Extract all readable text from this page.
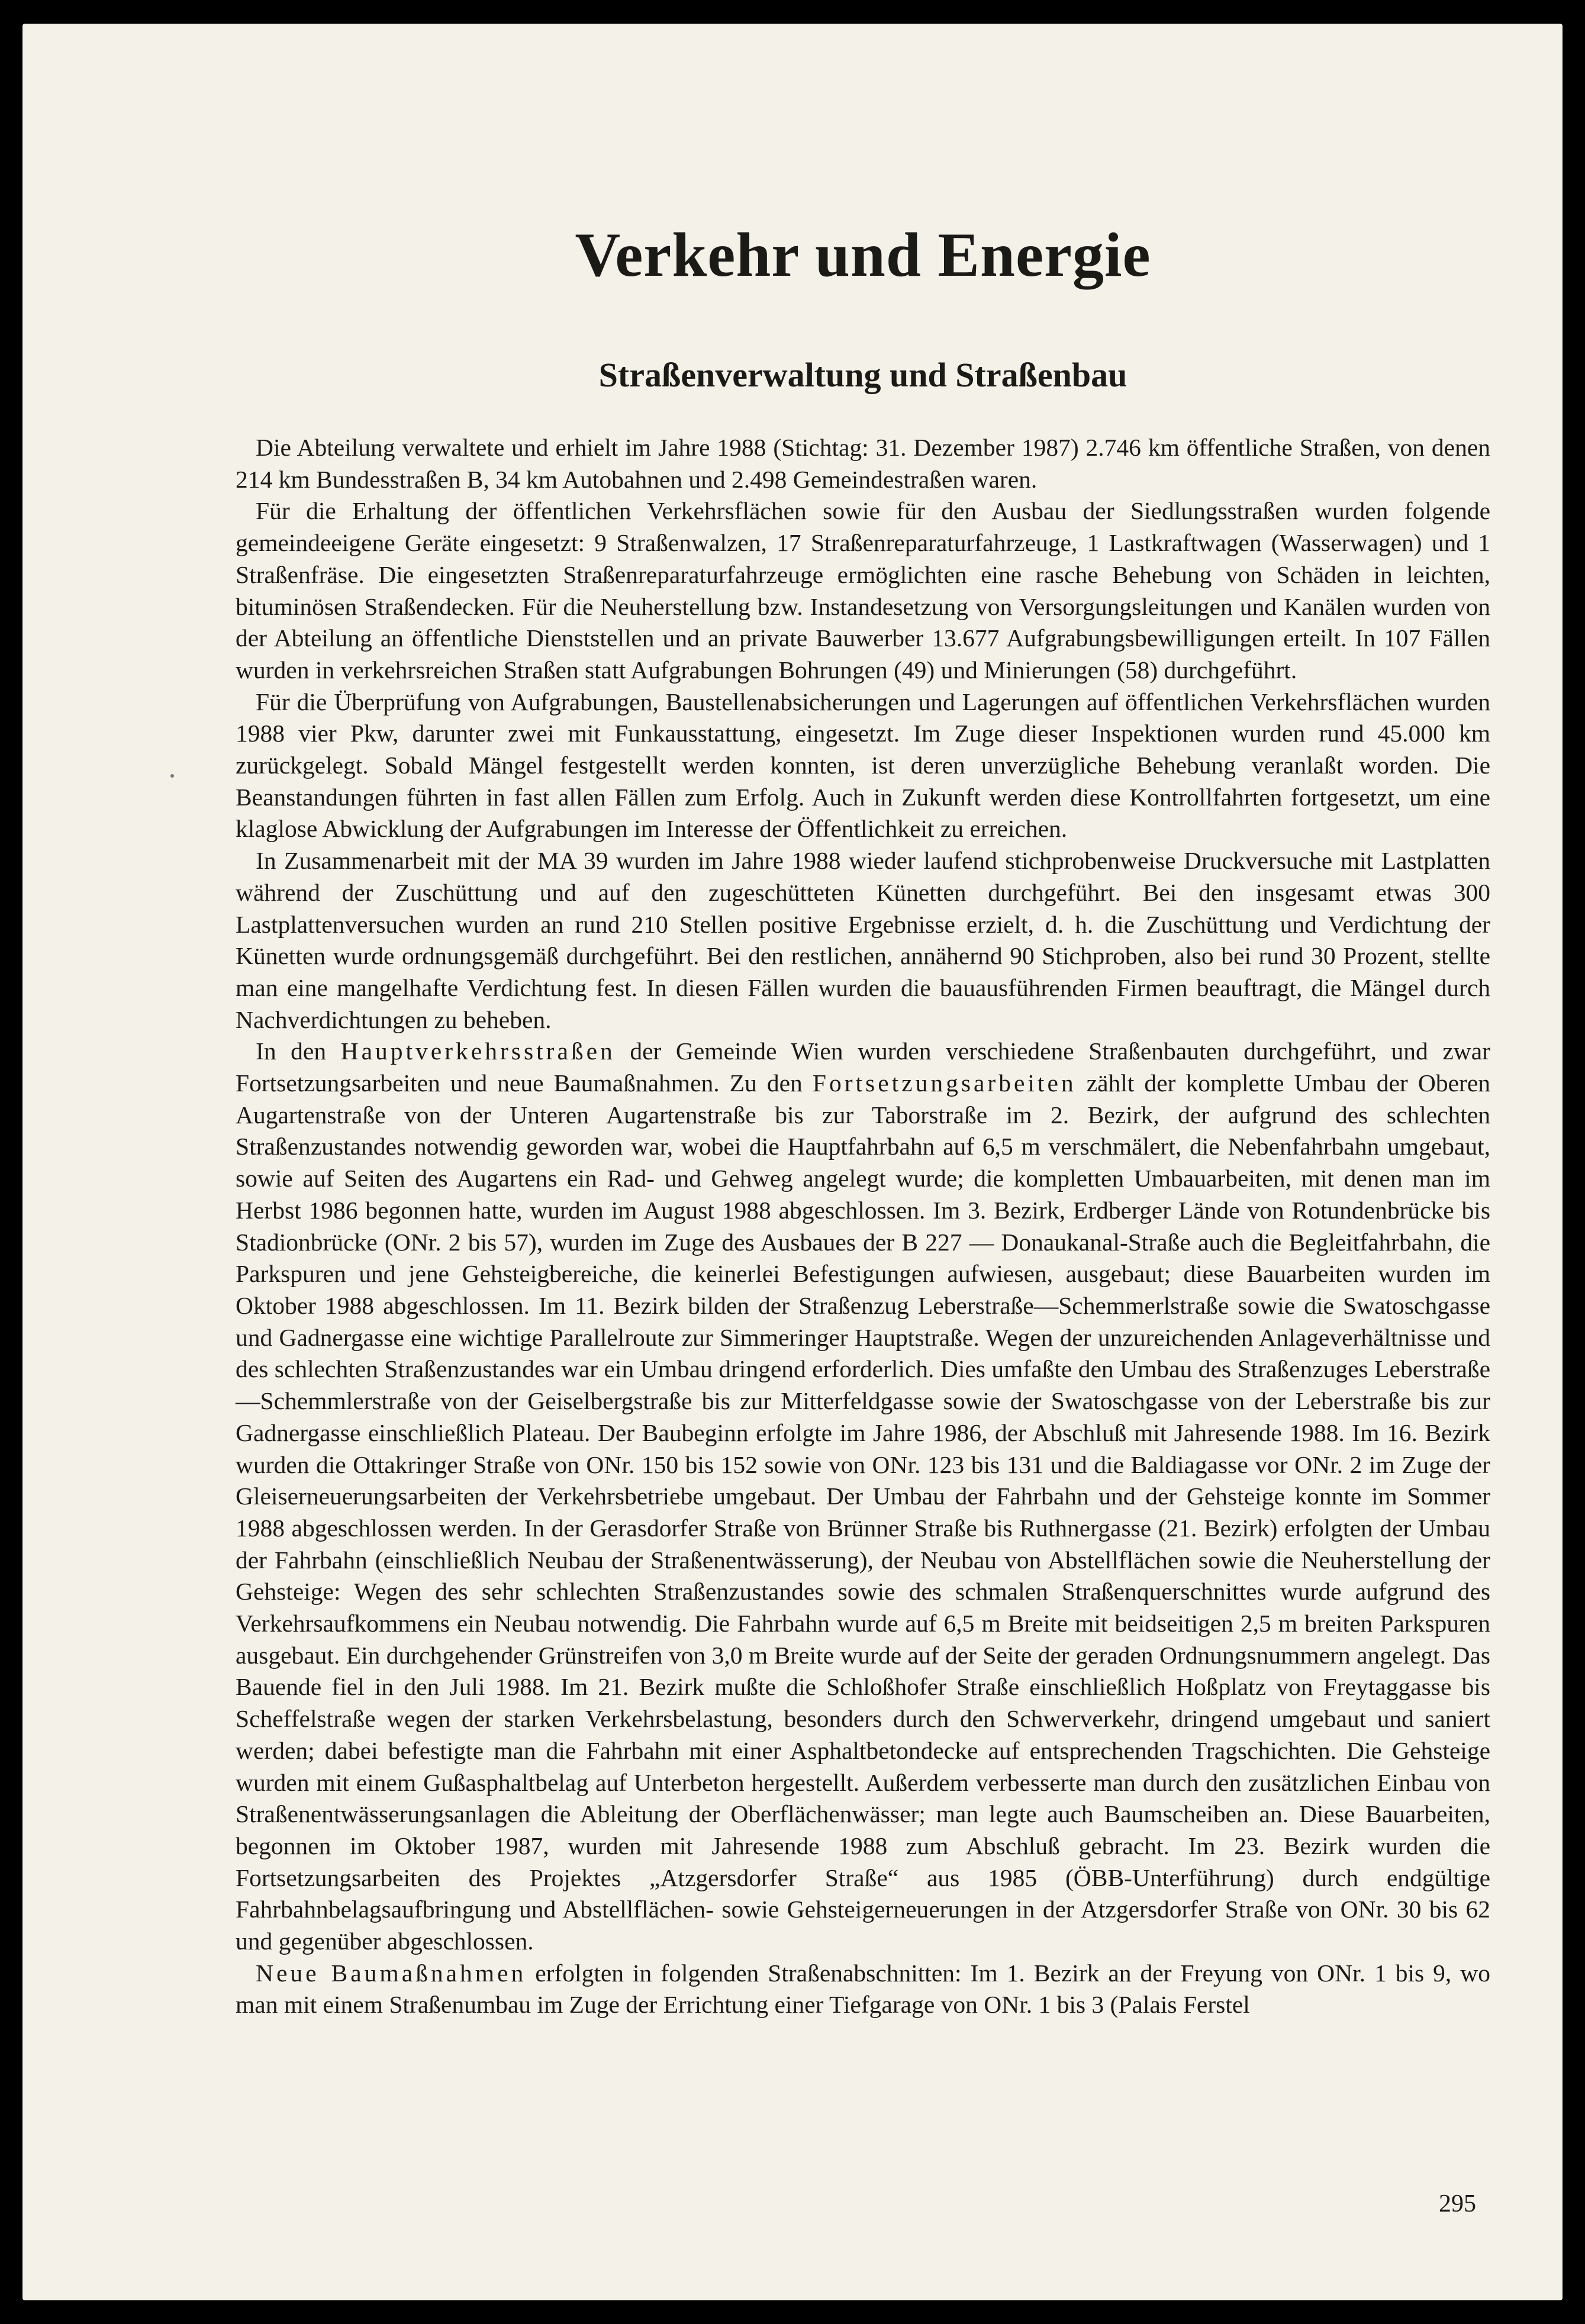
Verkehr und Energie
Straßenverwaltung und Straßenbau

Die Abteilung verwaltete und erhielt im Jahre 1988 (Stichtag: 31. Dezember 1987) 2.746 km öffentliche Straßen, von denen 214 km Bundesstraßen B, 34 km Autobahnen und 2.498 Gemeindestraßen waren.

Für die Erhaltung der öffentlichen Verkehrsflächen sowie für den Ausbau der Siedlungsstraßen wurden folgende gemeindeeigene Geräte eingesetzt: 9 Straßenwalzen, 17 Straßenreparaturfahrzeuge, 1 Lastkraftwagen (Wasserwagen) und 1 Straßenfräse. Die eingesetzten Straßenreparaturfahrzeuge ermöglichten eine rasche Behebung von Schäden in leichten, bituminösen Straßendecken. Für die Neuherstellung bzw. Instandesetzung von Versorgungsleitungen und Kanälen wurden von der Abteilung an öffentliche Dienststellen und an private Bauwerber 13.677 Aufgrabungsbewilligungen erteilt. In 107 Fällen wurden in verkehrsreichen Straßen statt Aufgrabungen Bohrungen (49) und Minierungen (58) durchgeführt.

Für die Überprüfung von Aufgrabungen, Baustellenabsicherungen und Lagerungen auf öffentlichen Verkehrsflächen wurden 1988 vier Pkw, darunter zwei mit Funkausstattung, eingesetzt. Im Zuge dieser Inspektionen wurden rund 45.000 km zurückgelegt. Sobald Mängel festgestellt werden konnten, ist deren unverzügliche Behebung veranlaßt worden. Die Beanstandungen führten in fast allen Fällen zum Erfolg. Auch in Zukunft werden diese Kontrollfahrten fortgesetzt, um eine klaglose Abwicklung der Aufgrabungen im Interesse der Öffentlichkeit zu erreichen.

In Zusammenarbeit mit der MA 39 wurden im Jahre 1988 wieder laufend stichprobenweise Druckversuche mit Lastplatten während der Zuschüttung und auf den zugeschütteten Künetten durchgeführt. Bei den insgesamt etwas 300 Lastplattenversuchen wurden an rund 210 Stellen positive Ergebnisse erzielt, d. h. die Zuschüttung und Verdichtung der Künetten wurde ordnungsgemäß durchgeführt. Bei den restlichen, annähernd 90 Stichproben, also bei rund 30 Prozent, stellte man eine mangelhafte Verdichtung fest. In diesen Fällen wurden die bauausführenden Firmen beauftragt, die Mängel durch Nachverdichtungen zu beheben.

In den Hauptverkehrsstraßen der Gemeinde Wien wurden verschiedene Straßenbauten durchgeführt, und zwar Fortsetzungsarbeiten und neue Baumaßnahmen. Zu den Fortsetzungsarbeiten zählt der komplette Umbau der Oberen Augartenstraße von der Unteren Augartenstraße bis zur Taborstraße im 2. Bezirk, der aufgrund des schlechten Straßenzustandes notwendig geworden war, wobei die Hauptfahrbahn auf 6,5 m verschmälert, die Nebenfahrbahn umgebaut, sowie auf Seiten des Augartens ein Rad- und Gehweg angelegt wurde; die kompletten Umbauarbeiten, mit denen man im Herbst 1986 begonnen hatte, wurden im August 1988 abgeschlossen. Im 3. Bezirk, Erdberger Lände von Rotundenbrücke bis Stadionbrücke (ONr. 2 bis 57), wurden im Zuge des Ausbaues der B 227 — Donaukanal-Straße auch die Begleitfahrbahn, die Parkspuren und jene Gehsteigbereiche, die keinerlei Befestigungen aufwiesen, ausgebaut; diese Bauarbeiten wurden im Oktober 1988 abgeschlossen. Im 11. Bezirk bilden der Straßenzug Leberstraße—Schemmerlstraße sowie die Swatoschgasse und Gadnergasse eine wichtige Parallelroute zur Simmeringer Hauptstraße. Wegen der unzureichenden Anlageverhältnisse und des schlechten Straßenzustandes war ein Umbau dringend erforderlich. Dies umfaßte den Umbau des Straßenzuges Leberstraße—Schemmlerstraße von der Geiselbergstraße bis zur Mitterfeldgasse sowie der Swatoschgasse von der Leberstraße bis zur Gadnergasse einschließlich Plateau. Der Baubeginn erfolgte im Jahre 1986, der Abschluß mit Jahresende 1988. Im 16. Bezirk wurden die Ottakringer Straße von ONr. 150 bis 152 sowie von ONr. 123 bis 131 und die Baldiagasse vor ONr. 2 im Zuge der Gleiserneuerungsarbeiten der Verkehrsbetriebe umgebaut. Der Umbau der Fahrbahn und der Gehsteige konnte im Sommer 1988 abgeschlossen werden. In der Gerasdorfer Straße von Brünner Straße bis Ruthnergasse (21. Bezirk) erfolgten der Umbau der Fahrbahn (einschließlich Neubau der Straßenentwässerung), der Neubau von Abstellflächen sowie die Neuherstellung der Gehsteige: Wegen des sehr schlechten Straßenzustandes sowie des schmalen Straßenquerschnittes wurde aufgrund des Verkehrsaufkommens ein Neubau notwendig. Die Fahrbahn wurde auf 6,5 m Breite mit beidseitigen 2,5 m breiten Parkspuren ausgebaut. Ein durchgehender Grünstreifen von 3,0 m Breite wurde auf der Seite der geraden Ordnungsnummern angelegt. Das Bauende fiel in den Juli 1988. Im 21. Bezirk mußte die Schloßhofer Straße einschließlich Hoßplatz von Freytaggasse bis Scheffelstraße wegen der starken Verkehrsbelastung, besonders durch den Schwerverkehr, dringend umgebaut und saniert werden; dabei befestigte man die Fahrbahn mit einer Asphaltbetondecke auf entsprechenden Tragschichten. Die Gehsteige wurden mit einem Gußasphaltbelag auf Unterbeton hergestellt. Außerdem verbesserte man durch den zusätzlichen Einbau von Straßenentwässerungsanlagen die Ableitung der Oberflächenwässer; man legte auch Baumscheiben an. Diese Bauarbeiten, begonnen im Oktober 1987, wurden mit Jahresende 1988 zum Abschluß gebracht. Im 23. Bezirk wurden die Fortsetzungsarbeiten des Projektes „Atzgersdorfer Straße“ aus 1985 (ÖBB-Unterführung) durch endgültige Fahrbahnbelagsaufbringung und Abstellflächen- sowie Gehsteigerneuerungen in der Atzgersdorfer Straße von ONr. 30 bis 62 und gegenüber abgeschlossen.

Neue Baumaßnahmen erfolgten in folgenden Straßenabschnitten: Im 1. Bezirk an der Freyung von ONr. 1 bis 9, wo man mit einem Straßenumbau im Zuge der Errichtung einer Tiefgarage von ONr. 1 bis 3 (Palais Ferstel

295
